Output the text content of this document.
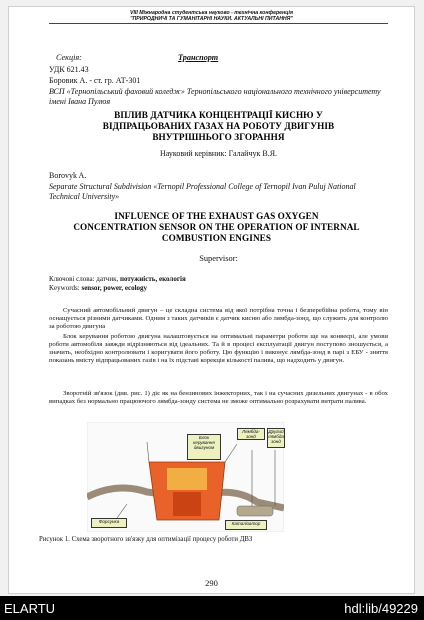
VIII Міжнародна студентська науково - технічна конференція
"ПРИРОДНИЧІ ТА ГУМАНІТАРНІ НАУКИ. АКТУАЛЬНІ ПИТАННЯ"
Секція:	Транспорт
УДК 621.43
Боровик А. - ст. гр. АТ-301
ВСП «Тернопільський фаховий коледж» Тернопільського національного технічного університету імені Івана Пулюя
ВПЛИВ ДАТЧИКА КОНЦЕНТРАЦІЇ КИСНЮ У
ВІДПРАЦЬОВАНИХ ГАЗАХ НА РОБОТУ ДВИГУНІВ
ВНУТРІШНЬОГО ЗГОРАННЯ
Науковий керівник: Галайчук В.Я.
Borovyk A.
Separate Structural Subdivision «Ternopil Professional College of Ternopil Ivan Puluj National Technical University»
INFLUENCE OF THE EXHAUST GAS OXYGEN
CONCENTRATION SENSOR ON THE OPERATION OF INTERNAL
COMBUSTION ENGINES
Supervisor:
Ключові слова: датчик, потужність, екологія
Keywords: sensor, power, ecology
Сучасний автомобільний двигун – це складна система від якої потрібна точна і безперебійна робота, тому він оснащується різними датчиками. Одним з таких датчиків є датчик кисню або лямбда-зонд, що служить для контролю за роботою двигуна
Блок керування роботою двигуна налаштовується на оптимальні параметри роботи ще на конвеєрі, але умови роботи автомобіля завжди відрізняються від ідеальних. Та й в процесі експлуатації двигун поступово зношується, а значить, необхідно контролювати і коригувати його роботу. Цю функцію і виконує лямбда-зонд в парі з ЕБУ - зняття показань вмісту відпрацьованих газів і на їх підставі корекція кількості палива, що надходить у двигун.
Зворотній зв'язок (див. рис. 1) діє як на бензинових інжекторних, так і на сучасних дизельних двигунах - в обох випадках без нормально працюючого лямбда-зонду система не зможе оптимально розрахувати витрати палива.
Блок керування двигуном
Лямбда-зонд
Другий лямбда-зонд
Форсунка	Каталізатор
Рисунок 1. Схема зворотного зв'язку для оптимізації процесу роботи ДВЗ
290
ELARTU	hdl:lib/49229
